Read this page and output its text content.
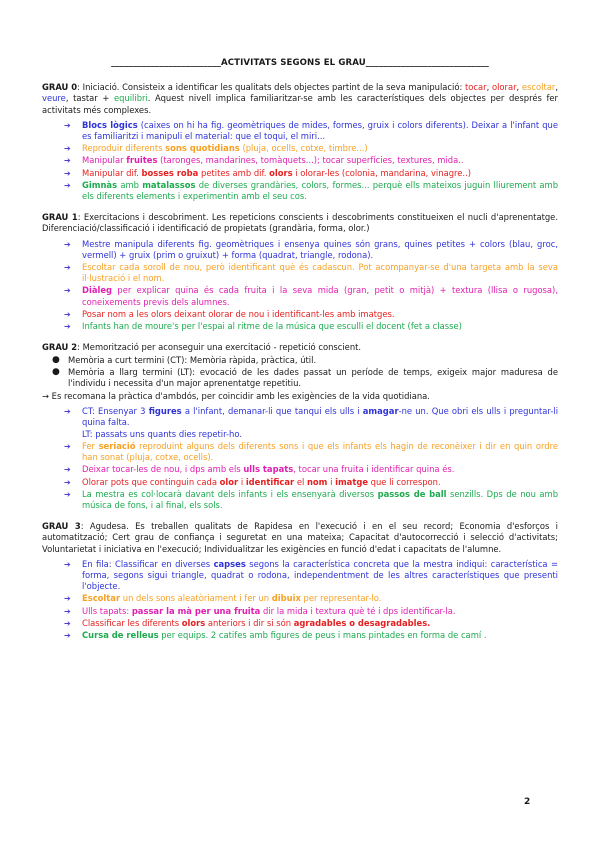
_________________________ACTIVITATS SEGONS EL GRAU____________________________
GRAU 0: Iniciació. Consisteix a identificar les qualitats dels objectes partint de la seva manipulació: tocar, olorar, escoltar, veure, tastar + equilibri. Aquest nivell implica familiaritzar-se amb les característiques dels objectes per després fer activitats més complexes.
➔ Blocs lògics (caixes on hi ha fig. geomètriques de mides, formes, gruix i colors diferents). Deixar a l'infant que es familiaritzi i manipuli el material: que el toqui, el miri...
➔ Reproduir diferents sons quotidians (pluja, ocells, cotxe, timbre...)
➔ Manipular fruites (taronges, mandarines, tomàquets...); tocar superfícies, textures, mida..
➔ Manipular dif. bosses roba petites amb dif. olors i olorar-les (colonia, mandarina, vinagre..)
➔ Gimnàs amb matalassos de diverses grandàries, colors, formes... perquè ells mateixos juguin lliurement amb els diferents elements i experimentin amb el seu cos.
GRAU 1: Exercitacions i descobriment. Les repeticions conscients i descobriments constitueixen el nucli d'aprenentatge. Diferenciació/classificació i identificació de propietats (grandària, forma, olor.)
➔ Mestre manipula diferents fig. geomètriques i ensenya quines són grans, quines petites + colors (blau, groc, vermell) + gruix (prim o gruixut) + forma (quadrat, triangle, rodona).
➔ Escoltar cada soroll de nou, però identificant què és cadascun. Pot acompanyar-se d'una targeta amb la seva il·lustració i el nom.
➔ Diàleg per explicar quina és cada fruita i la seva mida (gran, petit o mitjà) + textura (llisa o rugosa), coneixements previs dels alumnes.
➔ Posar nom a les olors deixant olorar de nou i identificant-les amb imatges.
➔ Infants han de moure's per l'espai al ritme de la música que esculli el docent (fet a classe)
GRAU 2: Memorització per aconseguir una exercitació - repetició conscient.
● Memòria a curt termini (CT): Memòria ràpida, pràctica, útil.
● Memòria a llarg termini (LT): evocació de les dades passat un període de temps, exigeix major maduresa de l'individu i necessita d'un major aprenentatge repetitiu.
→ Es recomana la pràctica d'ambdós, per coincidir amb les exigències de la vida quotidiana.
➔ CT: Ensenyar 3 figures a l'infant, demanar-li que tanqui els ulls i amagar-ne un. Que obri els ulls i preguntar-li quina falta.
LT: passats uns quants dies repetir-ho.
➔ Fer seriació reproduint alguns dels diferents sons i que els infants els hagin de reconèixer i dir en quin ordre han sonat (pluja, cotxe, ocells).
➔ Deixar tocar-les de nou, i dps amb els ulls tapats, tocar una fruita i identificar quina és.
➔ Olorar pots que continguin cada olor i identificar el nom i imatge que li correspon.
➔ La mestra es col·locarà davant dels infants i els ensenyarà diversos passos de ball senzills. Dps de nou amb música de fons, i al final, els sols.
GRAU 3: Agudesa. Es treballen qualitats de Rapidesa en l'execució i en el seu record; Economia d'esforços i automatització; Cert grau de confiança i seguretat en una mateixa; Capacitat d'autocorrecció i selecció d'activitats; Voluntarietat i iniciativa en l'execució; Individualitzar les exigències en funció d'edat i capacitats de l'alumne.
➔ En fila: Classificar en diverses capses segons la característica concreta que la mestra indiqui: característica = forma, segons sigui triangle, quadrat o rodona, independentment de les altres característiques que presenti l'objecte.
➔ Escoltar un dels sons aleatòriament i fer un dibuix per representar-lo.
➔ Ulls tapats: passar la mà per una fruita dir la mida i textura què té i dps identificar-la.
➔ Classificar les diferents olors anteriors i dir si són agradables o desagradables.
➔ Cursa de relleus per equips. 2 catifes amb figures de peus i mans pintades en forma de camí .
2
